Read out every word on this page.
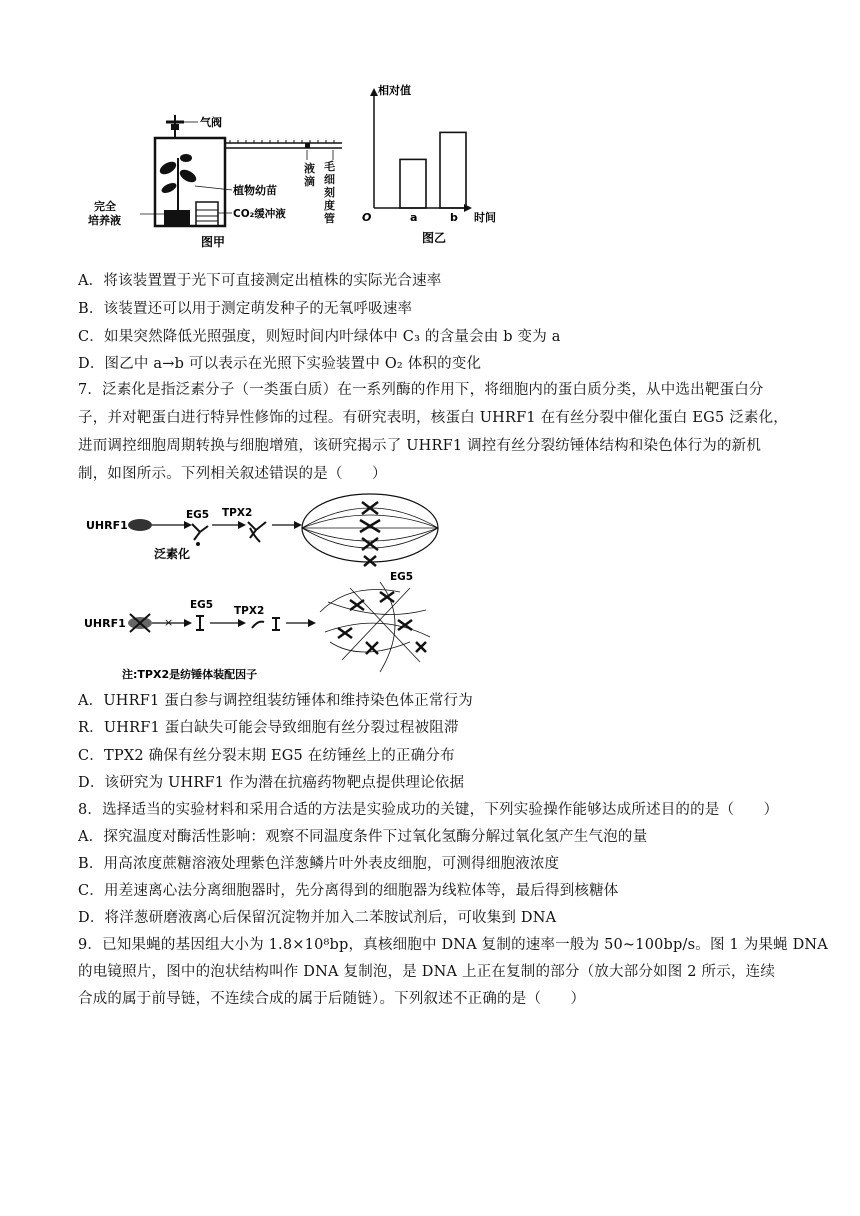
气阀
植物幼苗
CO₂缓冲液
完全
培养液
图甲
液滴
毛细刻度管	a	b
相对值
时间
O
图乙
A．将该装置置于光下可直接测定出植株的实际光合速率
B．该装置还可以用于测定萌发种子的无氧呼吸速率
C．如果突然降低光照强度，则短时间内叶绿体中 C₃ 的含量会由 b 变为 a
D．图乙中 a→b 可以表示在光照下实验装置中 O₂ 体积的变化
7．泛素化是指泛素分子（一类蛋白质）在一系列酶的作用下，将细胞内的蛋白质分类，从中选出靶蛋白分
子，并对靶蛋白进行特异性修饰的过程。有研究表明，核蛋白 UHRF1 在有丝分裂中催化蛋白 EG5 泛素化，
进而调控细胞周期转换与细胞增殖，该研究揭示了 UHRF1 调控有丝分裂纺锤体结构和染色体行为的新机
制，如图所示。下列相关叙述错误的是（　　）
UHRF1
EG5
泛素化
TPX2
UHRF1	×
EG5 TPX2
EG5
注:TPX2是纺锤体装配因子
A．UHRF1 蛋白参与调控组装纺锤体和维持染色体正常行为
R．UHRF1 蛋白缺失可能会导致细胞有丝分裂过程被阻滞
C．TPX2 确保有丝分裂末期 EG5 在纺锤丝上的正确分布
D．该研究为 UHRF1 作为潜在抗癌药物靶点提供理论依据
8．选择适当的实验材料和采用合适的方法是实验成功的关键，下列实验操作能够达成所述目的的是（　　）
A．探究温度对酶活性影响：观察不同温度条件下过氧化氢酶分解过氧化氢产生气泡的量
B．用高浓度蔗糖溶液处理紫色洋葱鳞片叶外表皮细胞，可测得细胞液浓度
C．用差速离心法分离细胞器时，先分离得到的细胞器为线粒体等，最后得到核糖体
D．将洋葱研磨液离心后保留沉淀物并加入二苯胺试剂后，可收集到 DNA
9．已知果蝇的基因组大小为 1.8×10⁸bp，真核细胞中 DNA 复制的速率一般为 50~100bp/s。图 1 为果蝇 DNA
的电镜照片，图中的泡状结构叫作 DNA 复制泡，是 DNA 上正在复制的部分（放大部分如图 2 所示，连续
合成的属于前导链，不连续合成的属于后随链）。下列叙述不正确的是（　　）
